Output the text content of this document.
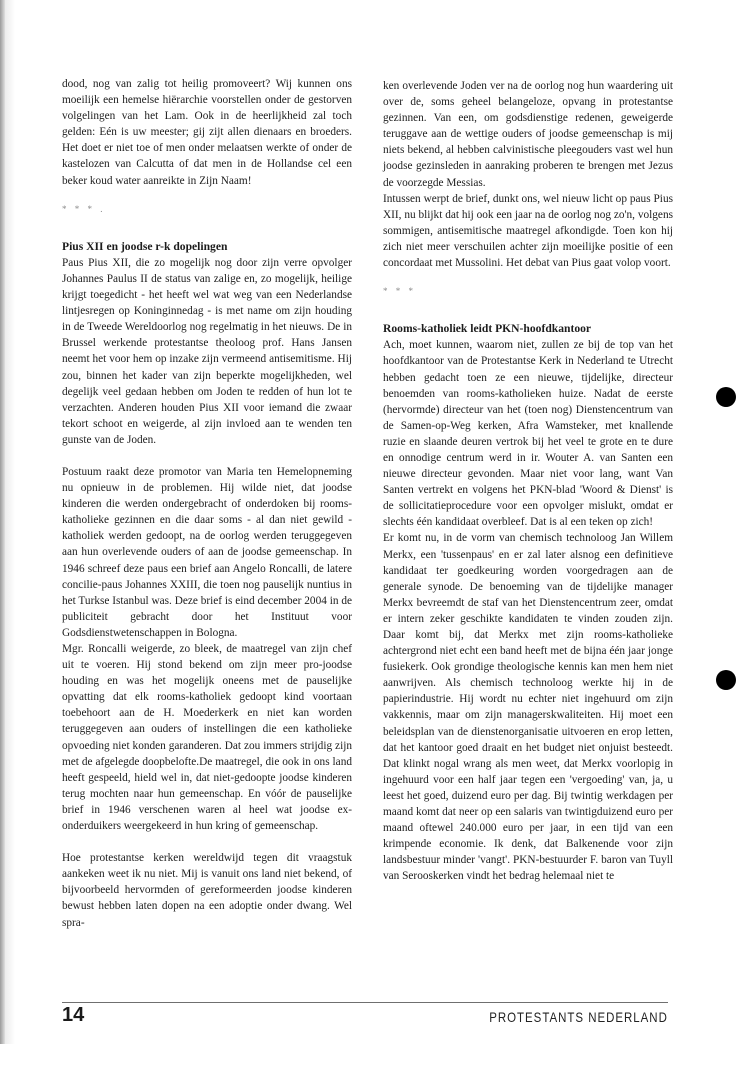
dood, nog van zalig tot heilig promoveert? Wij kunnen ons moeilijk een hemelse hiërarchie voorstellen onder de gestorven volgelingen van het Lam. Ook in de heerlijkheid zal toch gelden: Eén is uw meester; gij zijt allen dienaars en broeders. Het doet er niet toe of men onder melaatsen werkte of onder de kastelozen van Calcutta of dat men in de Hollandse cel een beker koud water aanreikte in Zijn Naam!

* * * .
Pius XII en joodse r-k dopelingen

Paus Pius XII, die zo mogelijk nog door zijn verre opvolger Johannes Paulus II de status van zalige en, zo mogelijk, heilige krijgt toegedicht - het heeft wel wat weg van een Nederlandse lintjesregen op Koninginnedag - is met name om zijn houding in de Tweede Wereldoorlog nog regelmatig in het nieuws. De in Brussel werkende protestantse theoloog prof. Hans Jansen neemt het voor hem op inzake zijn vermeend antisemitisme. Hij zou, binnen het kader van zijn beperkte mogelijkheden, wel degelijk veel gedaan hebben om Joden te redden of hun lot te verzachten. Anderen houden Pius XII voor iemand die zwaar tekort schoot en weigerde, al zijn invloed aan te wenden ten gunste van de Joden.

Postuum raakt deze promotor van Maria ten Hemelopneming nu opnieuw in de problemen. Hij wilde niet, dat joodse kinderen die werden ondergebracht of onderdoken bij rooms-katholieke gezinnen en die daar soms - al dan niet gewild - katholiek werden gedoopt, na de oorlog werden teruggegeven aan hun overlevende ouders of aan de joodse gemeenschap. In 1946 schreef deze paus een brief aan Angelo Roncalli, de latere concilie-paus Johannes XXIII, die toen nog pauselijk nuntius in het Turkse Istanbul was. Deze brief is eind december 2004 in de publiciteit gebracht door het Instituut voor Godsdienstwetenschappen in Bologna.

Mgr. Roncalli weigerde, zo bleek, de maatregel van zijn chef uit te voeren. Hij stond bekend om zijn meer pro-joodse houding en was het mogelijk oneens met de pauselijke opvatting dat elk rooms-katholiek gedoopt kind voortaan toebehoort aan de H. Moederkerk en niet kan worden teruggegeven aan ouders of instellingen die een katholieke opvoeding niet konden garanderen. Dat zou immers strijdig zijn met de afgelegde doopbelofte.De maatregel, die ook in ons land heeft gespeeld, hield wel in, dat niet-gedoopte joodse kinderen terug mochten naar hun gemeenschap. En vóór de pauselijke brief in 1946 verschenen waren al heel wat joodse ex-onderduikers weergekeerd in hun kring of gemeenschap.

Hoe protestantse kerken wereldwijd tegen dit vraagstuk aankeken weet ik nu niet. Mij is vanuit ons land niet bekend, of bijvoorbeeld hervormden of gereformeerden joodse kinderen bewust hebben laten dopen na een adoptie onder dwang. Wel spra-

ken overlevende Joden ver na de oorlog nog hun waardering uit over de, soms geheel belangeloze, opvang in protestantse gezinnen. Van een, om godsdienstige redenen, geweigerde teruggave aan de wettige ouders of joodse gemeenschap is mij niets bekend, al hebben calvinistische pleegouders vast wel hun joodse gezinsleden in aanraking proberen te brengen met Jezus de voorzegde Messias.

Intussen werpt de brief, dunkt ons, wel nieuw licht op paus Pius XII, nu blijkt dat hij ook een jaar na de oorlog nog zo'n, volgens sommigen, antisemitische maatregel afkondigde. Toen kon hij zich niet meer verschuilen achter zijn moeilijke positie of een concordaat met Mussolini. Het debat van Pius gaat volop voort.

* * *
Rooms-katholiek leidt PKN-hoofdkantoor

Ach, moet kunnen, waarom niet, zullen ze bij de top van het hoofdkantoor van de Protestantse Kerk in Nederland te Utrecht hebben gedacht toen ze een nieuwe, tijdelijke, directeur benoemden van rooms-katholieken huize. Nadat de eerste (hervormde) directeur van het (toen nog) Dienstencentrum van de Samen-op-Weg kerken, Afra Wamsteker, met knallende ruzie en slaande deuren vertrok bij het veel te grote en te dure en onnodige centrum werd in ir. Wouter A. van Santen een nieuwe directeur gevonden. Maar niet voor lang, want Van Santen vertrekt en volgens het PKN-blad 'Woord & Dienst' is de sollicitatieprocedure voor een opvolger mislukt, omdat er slechts één kandidaat overbleef. Dat is al een teken op zich!

Er komt nu, in de vorm van chemisch technoloog Jan Willem Merkx, een 'tussenpaus' en er zal later alsnog een definitieve kandidaat ter goedkeuring worden voorgedragen aan de generale synode. De benoeming van de tijdelijke manager Merkx bevreemdt de staf van het Dienstencentrum zeer, omdat er intern zeker geschikte kandidaten te vinden zouden zijn. Daar komt bij, dat Merkx met zijn rooms-katholieke achtergrond niet echt een band heeft met de bijna één jaar jonge fusiekerk. Ook grondige theologische kennis kan men hem niet aanwrijven. Als chemisch technoloog werkte hij in de papierindustrie. Hij wordt nu echter niet ingehuurd om zijn vakkennis, maar om zijn managerskwaliteiten. Hij moet een beleidsplan van de dienstenorganisatie uitvoeren en erop letten, dat het kantoor goed draait en het budget niet onjuist besteedt. Dat klinkt nogal wrang als men weet, dat Merkx voorlopig in ingehuurd voor een half jaar tegen een 'vergoeding' van, ja, u leest het goed, duizend euro per dag. Bij twintig werkdagen per maand komt dat neer op een salaris van twintigduizend euro per maand oftewel 240.000 euro per jaar, in een tijd van een krimpende economie. Ik denk, dat Balkenende voor zijn landsbestuur minder 'vangt'. PKN-bestuurder F. baron van Tuyll van Serooskerken vindt het bedrag helemaal niet te

14	PROTESTANTS NEDERLAND
